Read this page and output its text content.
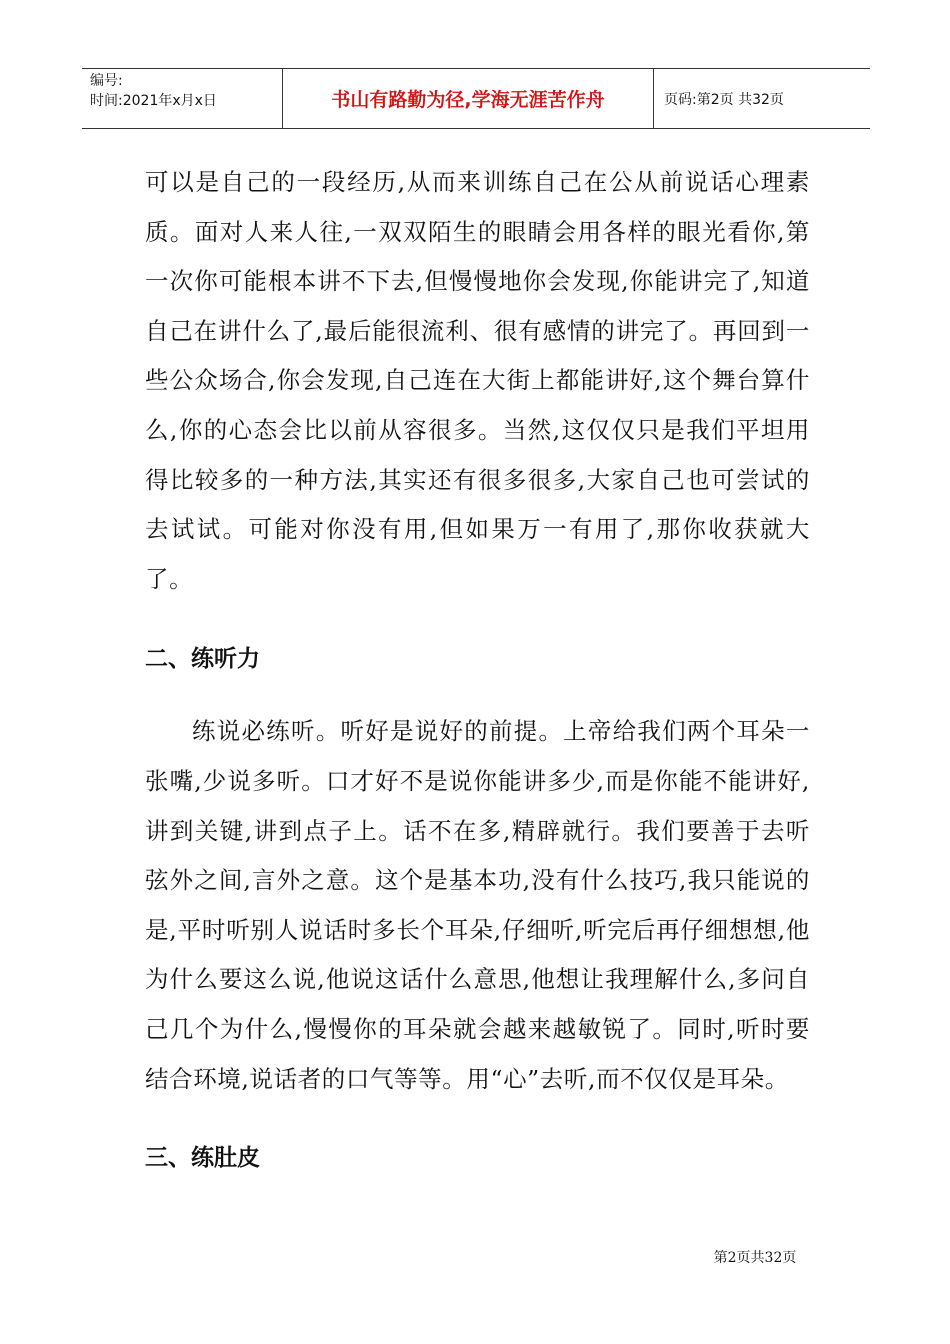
编号:
时间:2021年x月x日	书山有路勤为径,学海无涯苦作舟	页码:第2页 共32页

可以是自己的一段经历,从而来训练自己在公从前说话心理素质。面对人来人往,一双双陌生的眼睛会用各样的眼光看你,第一次你可能根本讲不下去,但慢慢地你会发现,你能讲完了,知道自己在讲什么了,最后能很流利、很有感情的讲完了。再回到一些公众场合,你会发现,自己连在大街上都能讲好,这个舞台算什么,你的心态会比以前从容很多。当然,这仅仅只是我们平坦用得比较多的一种方法,其实还有很多很多,大家自己也可尝试的去试试。可能对你没有用,但如果万一有用了,那你收获就大了。

二、练听力

练说必练听。听好是说好的前提。上帝给我们两个耳朵一张嘴,少说多听。口才好不是说你能讲多少,而是你能不能讲好,讲到关键,讲到点子上。话不在多,精辟就行。我们要善于去听弦外之间,言外之意。这个是基本功,没有什么技巧,我只能说的是,平时听别人说话时多长个耳朵,仔细听,听完后再仔细想想,他为什么要这么说,他说这话什么意思,他想让我理解什么,多问自己几个为什么,慢慢你的耳朵就会越来越敏锐了。同时,听时要结合环境,说话者的口气等等。用“心”去听,而不仅仅是耳朵。

三、练肚皮
第2页共32页
